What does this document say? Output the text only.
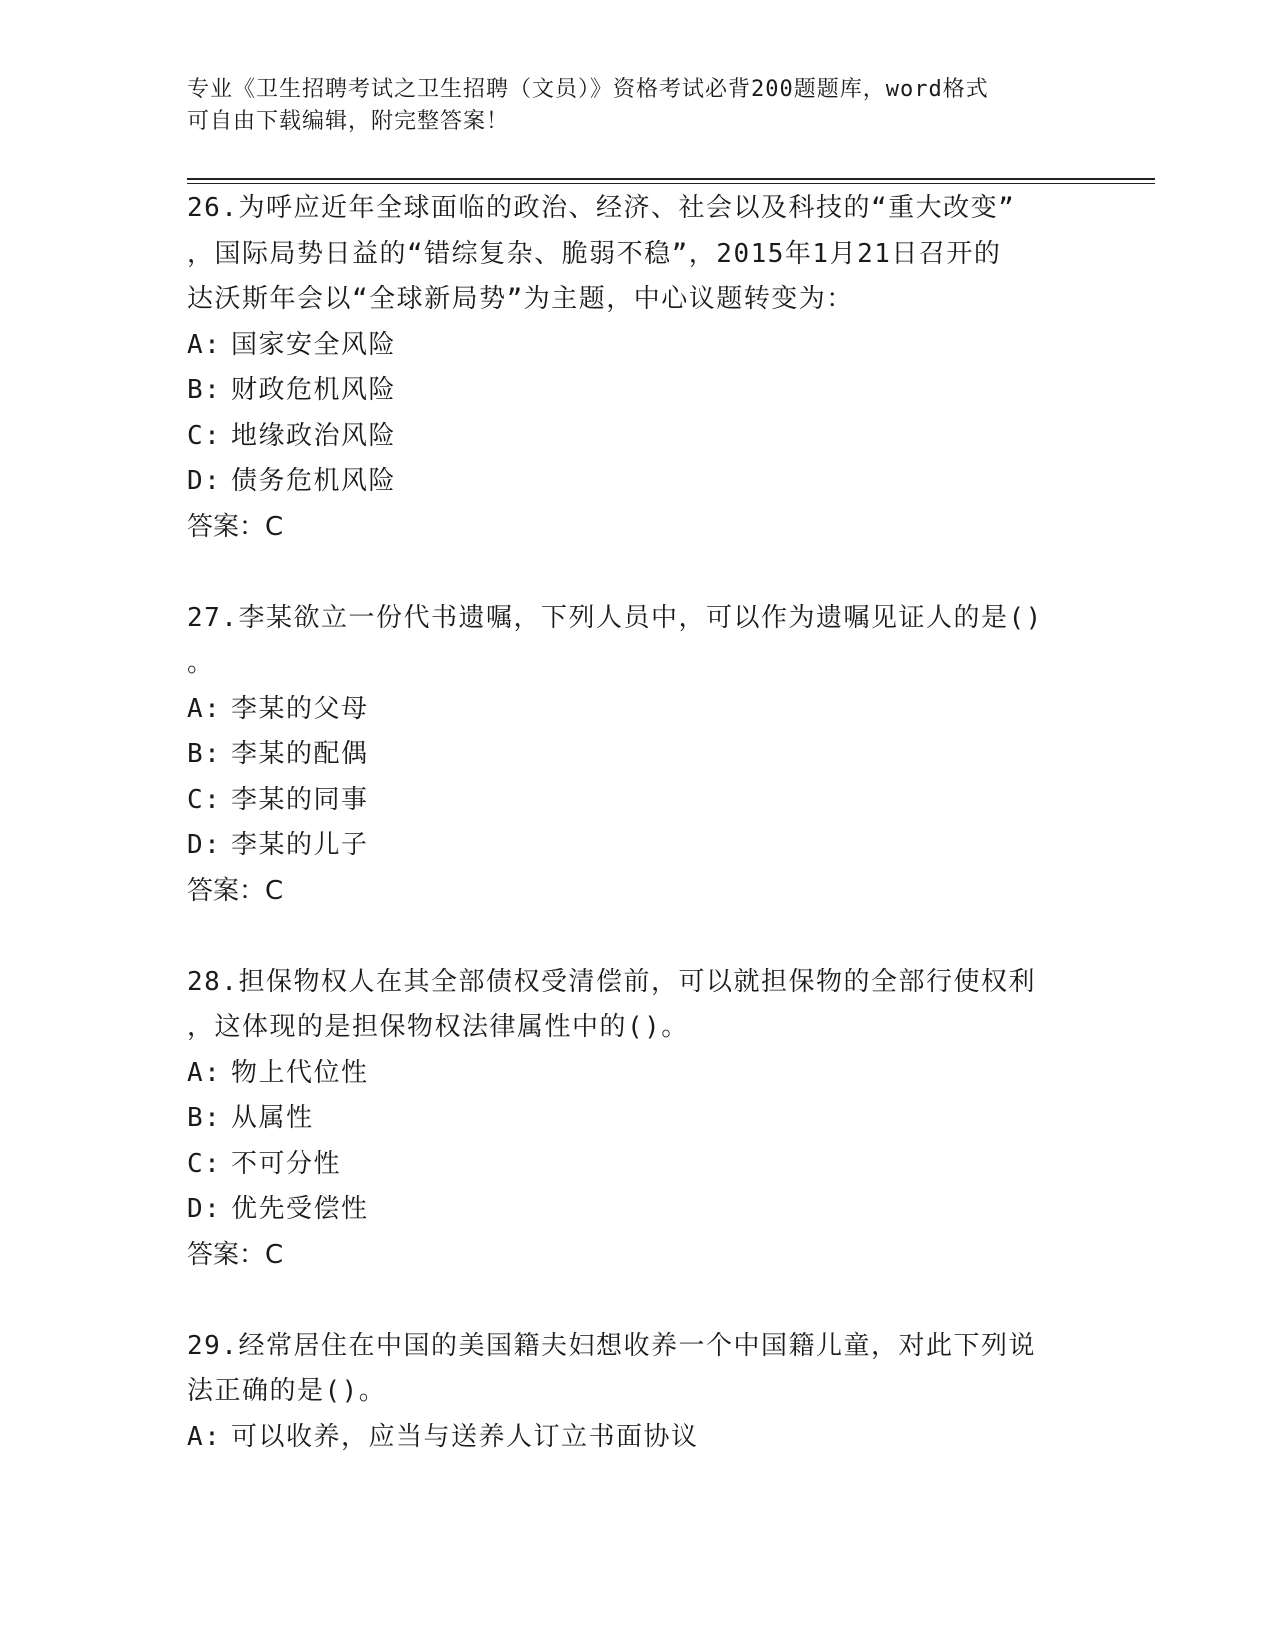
专业《卫生招聘考试之卫生招聘（文员）》资格考试必背200题题库，word格式
可自由下载编辑，附完整答案！
26.为呼应近年全球面临的政治、经济、社会以及科技的“重大改变”
，国际局势日益的“错综复杂、脆弱不稳”，2015年1月21日召开的
达沃斯年会以“全球新局势”为主题，中心议题转变为：
A: 国家安全风险
B: 财政危机风险
C: 地缘政治风险
D: 债务危机风险
答案：C
27.李某欲立一份代书遗嘱，下列人员中，可以作为遗嘱见证人的是()
。
A: 李某的父母
B: 李某的配偶
C: 李某的同事
D: 李某的儿子
答案：C
28.担保物权人在其全部债权受清偿前，可以就担保物的全部行使权利
，这体现的是担保物权法律属性中的()。
A: 物上代位性
B: 从属性
C: 不可分性
D: 优先受偿性
答案：C
29.经常居住在中国的美国籍夫妇想收养一个中国籍儿童，对此下列说
法正确的是()。
A: 可以收养，应当与送养人订立书面协议
